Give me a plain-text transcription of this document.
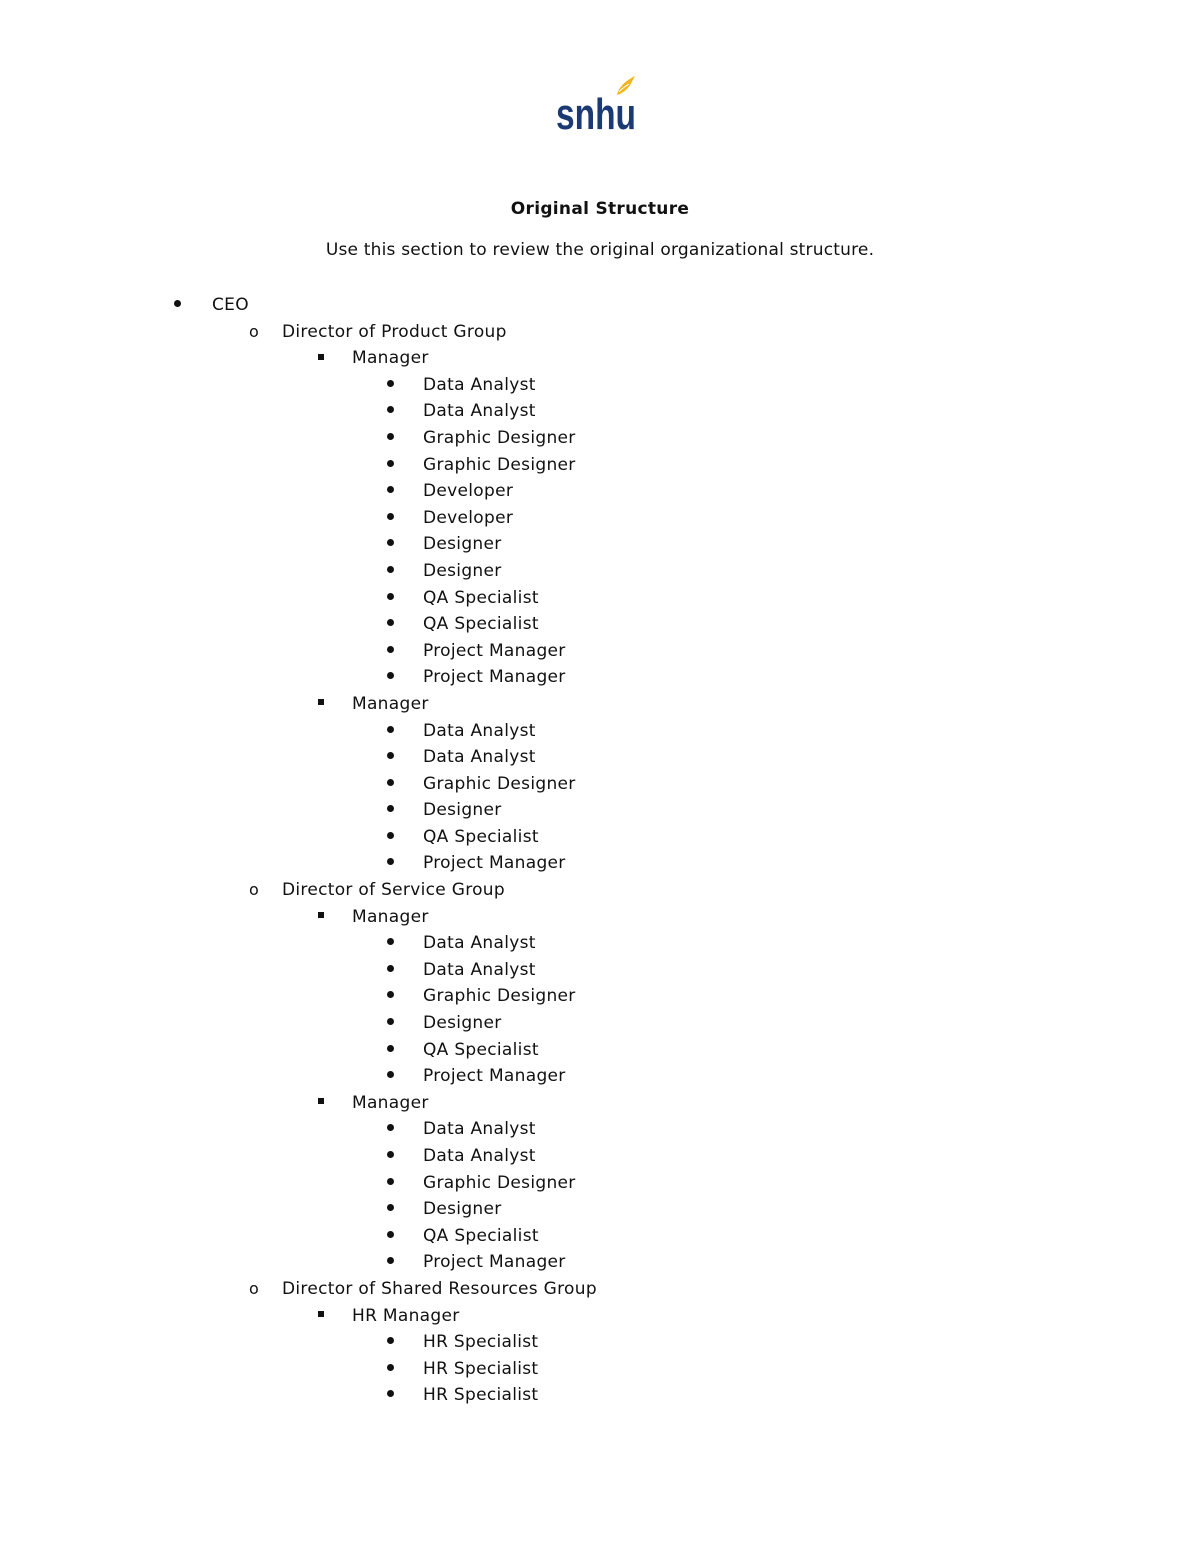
snhu
Original Structure
Use this section to review the original organizational structure.
CEO
o Director of Product Group
Manager
Data Analyst
Data Analyst
Graphic Designer
Graphic Designer
Developer
Developer
Designer
Designer
QA Specialist
QA Specialist
Project Manager
Project Manager
Manager
Data Analyst
Data Analyst
Graphic Designer
Designer
QA Specialist
Project Manager
o Director of Service Group
Manager
Data Analyst
Data Analyst
Graphic Designer
Designer
QA Specialist
Project Manager
Manager
Data Analyst
Data Analyst
Graphic Designer
Designer
QA Specialist
Project Manager
o Director of Shared Resources Group
HR Manager
HR Specialist
HR Specialist
HR Specialist
